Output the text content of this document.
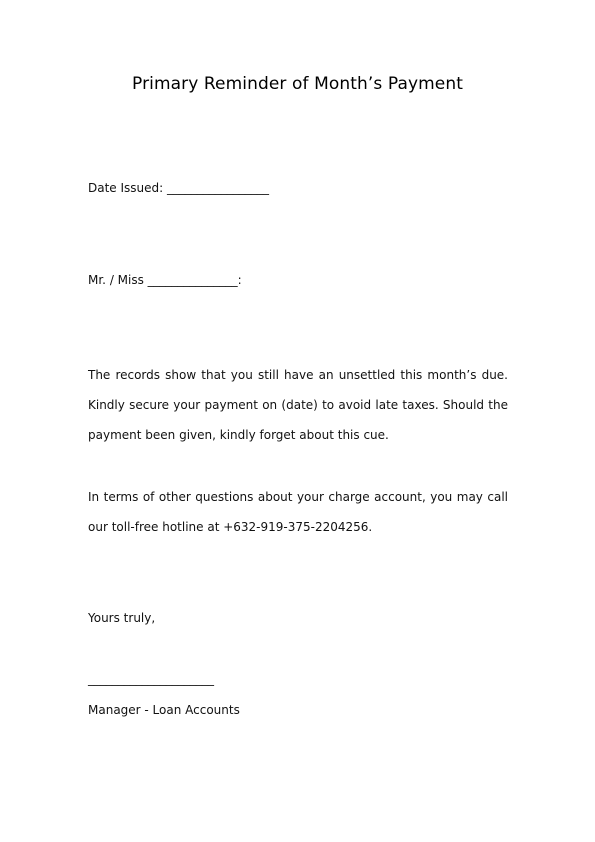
Primary Reminder of Month’s Payment
Date Issued: _________________
Mr. / Miss _______________:
The records show that you still have an unsettled this month’s due. Kindly secure your payment on (date) to avoid late taxes. Should the payment been given, kindly forget about this cue.
In terms of other questions about your charge account, you may call our toll-free hotline at +632-919-375-2204256.
Yours truly,
_____________________
Manager - Loan Accounts
